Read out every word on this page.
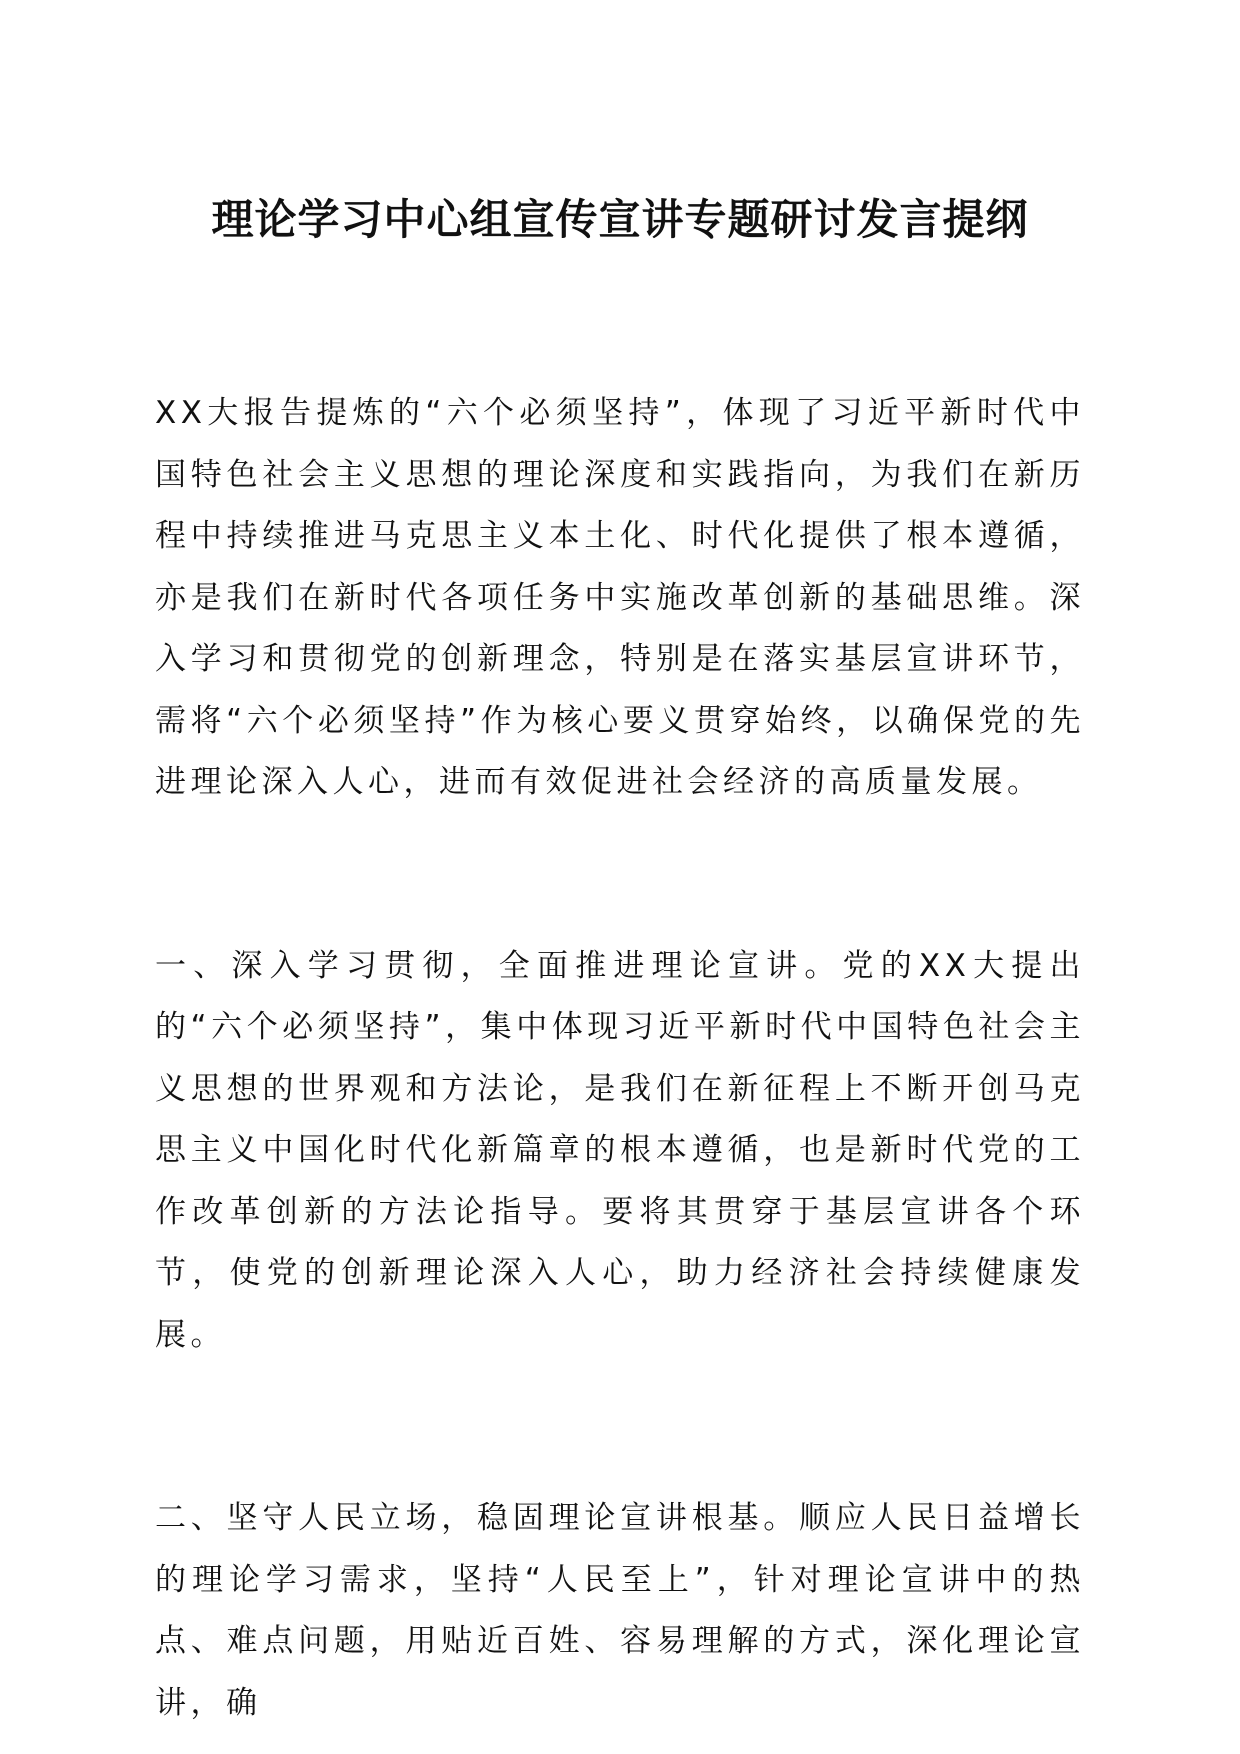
理论学习中心组宣传宣讲专题研讨发言提纲

XX大报告提炼的“六个必须坚持”，体现了习近平新时代中国特色社会主义思想的理论深度和实践指向，为我们在新历程中持续推进马克思主义本土化、时代化提供了根本遵循，亦是我们在新时代各项任务中实施改革创新的基础思维。深入学习和贯彻党的创新理念，特别是在落实基层宣讲环节，需将“六个必须坚持”作为核心要义贯穿始终，以确保党的先进理论深入人心，进而有效促进社会经济的高质量发展。

一、深入学习贯彻，全面推进理论宣讲。党的XX大提出的“六个必须坚持”，集中体现习近平新时代中国特色社会主义思想的世界观和方法论，是我们在新征程上不断开创马克思主义中国化时代化新篇章的根本遵循，也是新时代党的工作改革创新的方法论指导。要将其贯穿于基层宣讲各个环节，使党的创新理论深入人心，助力经济社会持续健康发展。

二、坚守人民立场，稳固理论宣讲根基。顺应人民日益增长的理论学习需求，坚持“人民至上”，针对理论宣讲中的热点、难点问题，用贴近百姓、容易理解的方式，深化理论宣讲，确
